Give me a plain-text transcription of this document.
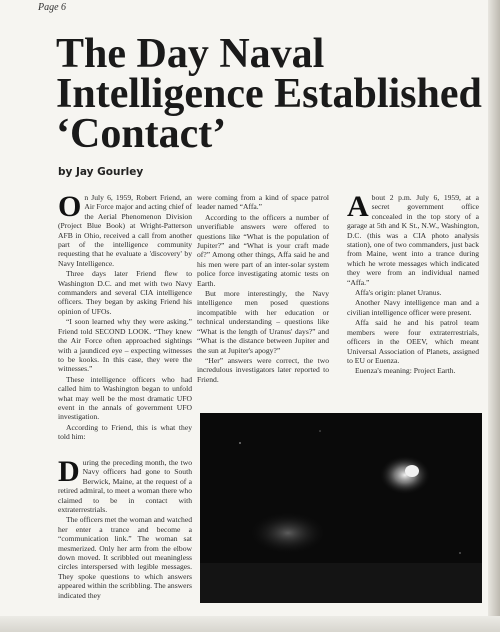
Page 6
The Day Naval
Intelligence Established
‘Contact’
by Jay Gourley

On July 6, 1959, Robert Friend, an Air Force major and acting chief of the Aerial Phenomenon Division (Project Blue Book) at Wright-Patterson AFB in Ohio, received a call from another part of the intelligence community requesting that he evaluate a 'discovery' by Navy Intelligence.

Three days later Friend flew to Washington D.C. and met with two Navy commanders and several CIA intelligence officers. They began by asking Friend his opinion of UFOs.

“I soon learned why they were asking.” Friend told SECOND LOOK. “They knew the Air Force often approached sightings with a jaundiced eye – expecting witnesses to be kooks. In this case, they were the witnesses.”

These intelligence officers who had called him to Washington began to unfold what may well be the most dramatic UFO event in the annals of government UFO investigation.

According to Friend, this is what they told him:

During the preceding month, the two Navy officers had gone to South Berwick, Maine, at the request of a retired admiral, to meet a woman there who claimed to be in contact with extraterrestrials.

The officers met the woman and watched her enter a trance and become a “communication link.” The woman sat mesmerized. Only her arm from the elbow down moved. It scribbled out meaningless circles interspersed with legible messages. They spoke questions to which answers appeared within the scribbling. The answers indicated they

were coming from a kind of space patrol leader named “Affa.”

According to the officers a number of unverifiable answers were offered to questions like “What is the population of Jupiter?” and “What is your craft made of?” Among other things, Affa said he and his men were part of an inter-solar system police force investigating atomic tests on Earth.

But more interestingly, the Navy intelligence men posed questions incompatible with her education or technical understanding – questions like “What is the length of Uranus' days?” and “What is the distance between Jupiter and the sun at Jupiter's apogy?”

“Her” answers were correct, the two incredulous investigators later reported to Friend.

About 2 p.m. July 6, 1959, at a secret government office concealed in the top story of a garage at 5th and K St., N.W., Washington, D.C. (this was a CIA photo analysis station), one of two commanders, just back from Maine, went into a trance during which he wrote messages which indicated they were from an individual named “Affa.”

Affa's origin: planet Uranus.

Another Navy intelligence man and a civilian intelligence officer were present.

Affa said he and his patrol team members were four extraterrestrials, officers in the OEEV, which meant Universal Association of Planets, assigned to EU or Euenza.

Euenza's meaning: Project Earth.
